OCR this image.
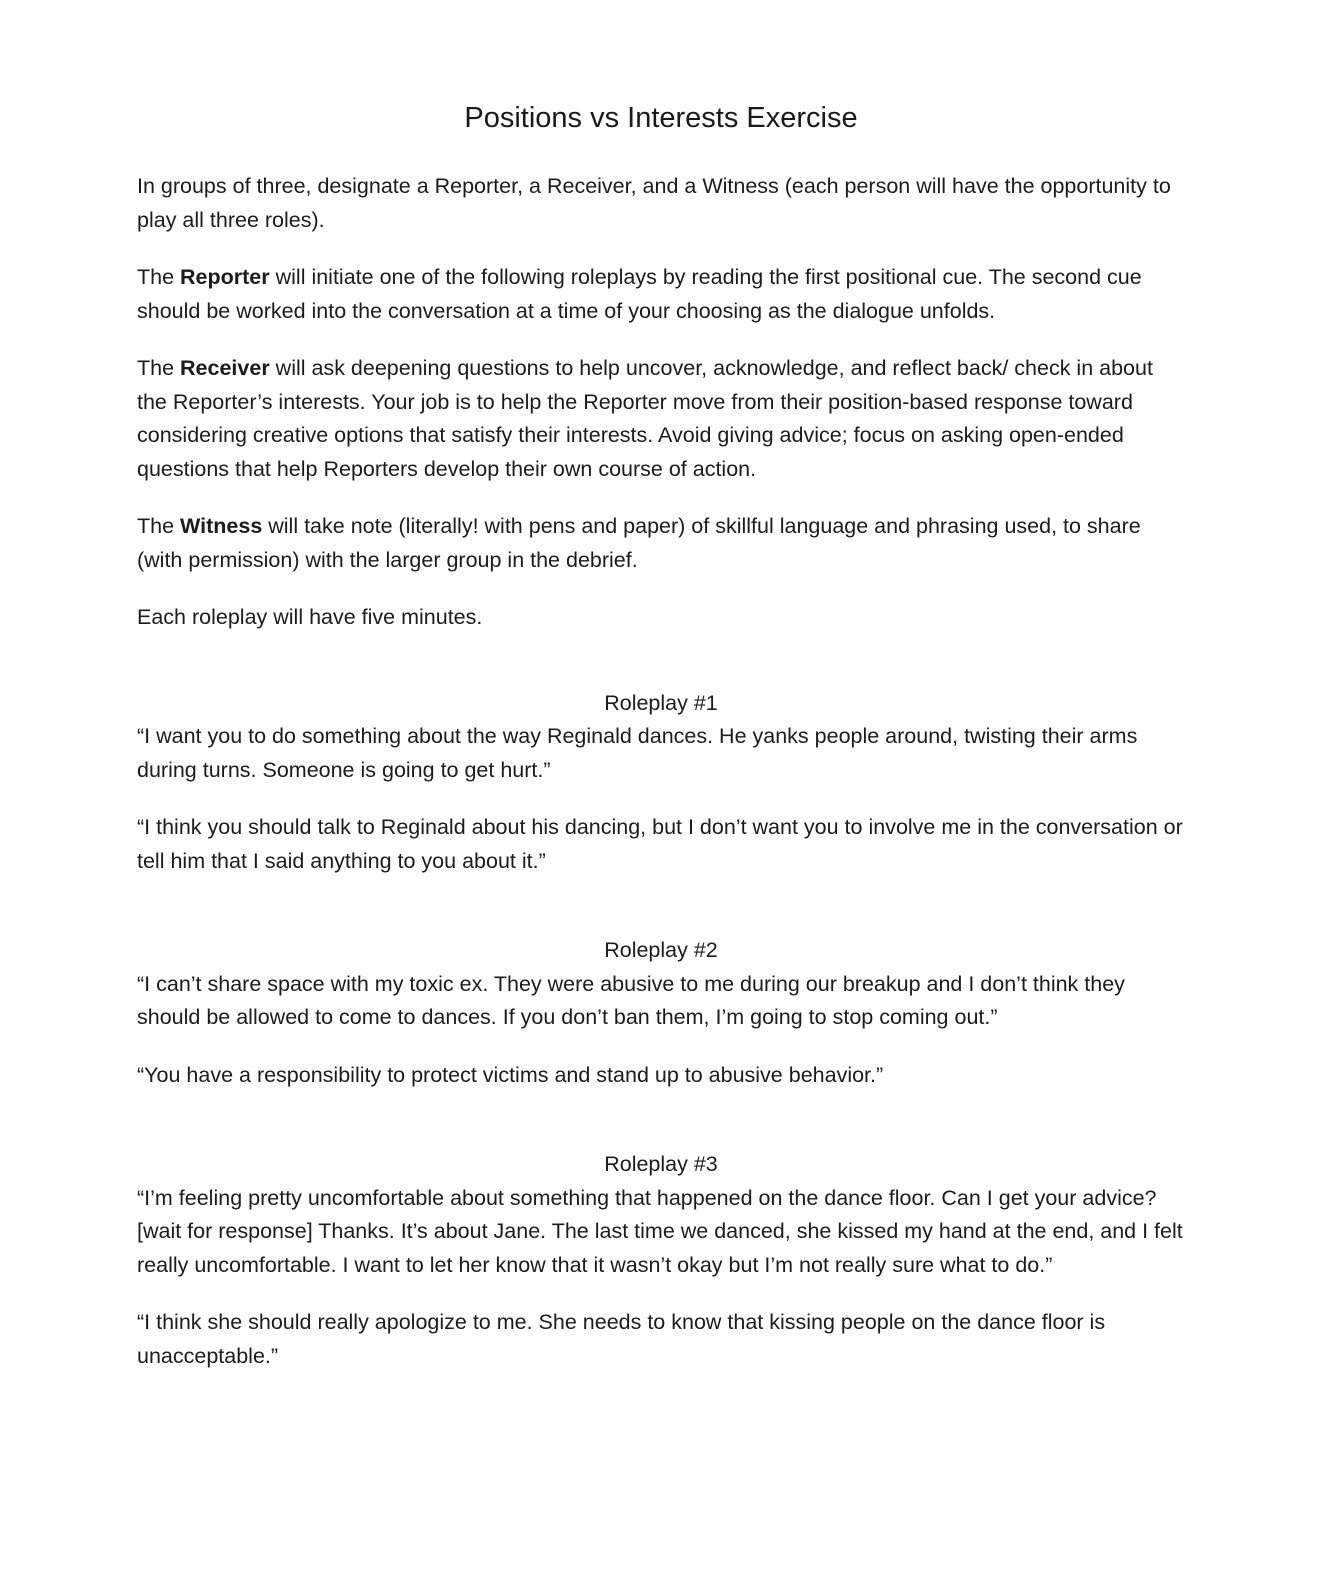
Positions vs Interests Exercise

In groups of three, designate a Reporter, a Receiver, and a Witness (each person will have the opportunity to play all three roles).

The Reporter will initiate one of the following roleplays by reading the first positional cue. The second cue should be worked into the conversation at a time of your choosing as the dialogue unfolds.

The Receiver will ask deepening questions to help uncover, acknowledge, and reflect back/ check in about the Reporter’s interests. Your job is to help the Reporter move from their position-based response toward considering creative options that satisfy their interests. Avoid giving advice; focus on asking open-ended questions that help Reporters develop their own course of action.

The Witness will take note (literally! with pens and paper) of skillful language and phrasing used, to share (with permission) with the larger group in the debrief.

Each roleplay will have five minutes.

Roleplay #1

“I want you to do something about the way Reginald dances. He yanks people around, twisting their arms during turns. Someone is going to get hurt.”

“I think you should talk to Reginald about his dancing, but I don’t want you to involve me in the conversation or tell him that I said anything to you about it.”

Roleplay #2

“I can’t share space with my toxic ex. They were abusive to me during our breakup and I don’t think they should be allowed to come to dances. If you don’t ban them, I’m going to stop coming out.”

“You have a responsibility to protect victims and stand up to abusive behavior.”

Roleplay #3

“I’m feeling pretty uncomfortable about something that happened on the dance floor. Can I get your advice? [wait for response] Thanks. It’s about Jane. The last time we danced, she kissed my hand at the end, and I felt really uncomfortable. I want to let her know that it wasn’t okay but I’m not really sure what to do.”

“I think she should really apologize to me. She needs to know that kissing people on the dance floor is unacceptable.”
